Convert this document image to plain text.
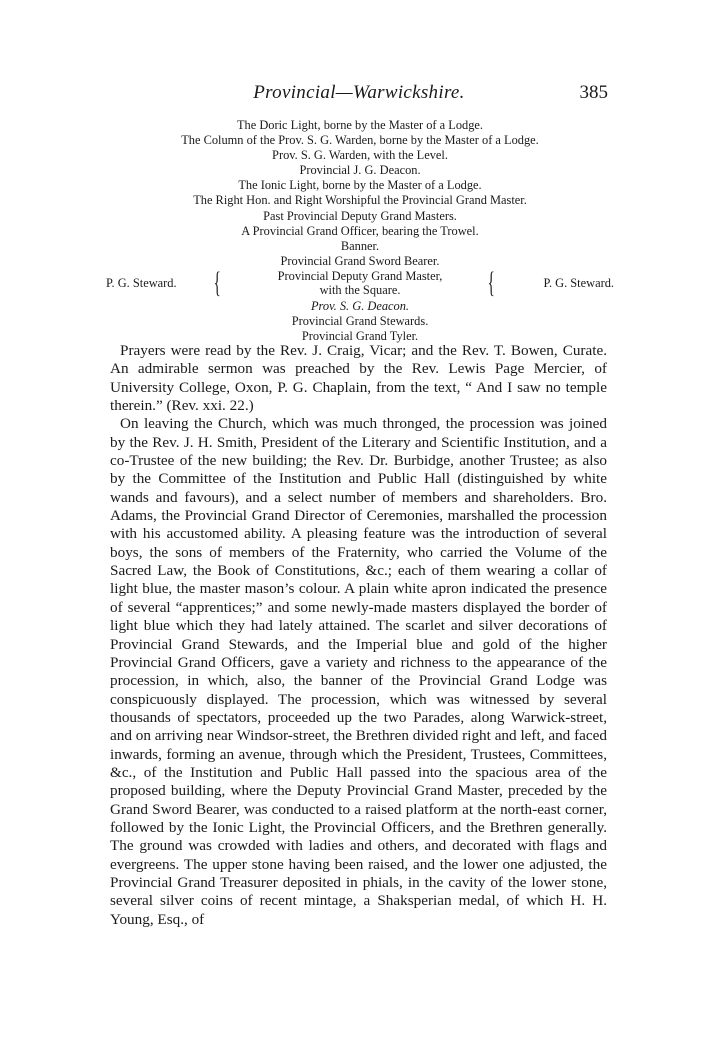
Provincial—Warwickshire.	385
The Doric Light, borne by the Master of a Lodge.
The Column of the Prov. S. G. Warden, borne by the Master of a Lodge.
Prov. S. G. Warden, with the Level.
Provincial J. G. Deacon.
The Ionic Light, borne by the Master of a Lodge.
The Right Hon. and Right Worshipful the Provincial Grand Master.
Past Provincial Deputy Grand Masters.
A Provincial Grand Officer, bearing the Trowel.
Banner.
Provincial Grand Sword Bearer.
P. G. Steward. {	Provincial Deputy Grand Master,
with the Square.	{	P. G. Steward.
Prov. S. G. Deacon.
Provincial Grand Stewards.
Provincial Grand Tyler.

Prayers were read by the Rev. J. Craig, Vicar; and the Rev. T. Bowen, Curate. An admirable sermon was preached by the Rev. Lewis Page Mercier, of University College, Oxon, P. G. Chaplain, from the text, “ And I saw no temple therein.” (Rev. xxi. 22.)

On leaving the Church, which was much thronged, the procession was joined by the Rev. J. H. Smith, President of the Literary and Scientific Institution, and a co-Trustee of the new building; the Rev. Dr. Burbidge, another Trustee; as also by the Committee of the Institution and Public Hall (distinguished by white wands and favours), and a select number of members and shareholders. Bro. Adams, the Provincial Grand Director of Ceremonies, marshalled the procession with his accustomed ability. A pleasing feature was the introduction of several boys, the sons of members of the Fraternity, who carried the Volume of the Sacred Law, the Book of Constitutions, &c.; each of them wearing a collar of light blue, the master mason’s colour. A plain white apron indicated the presence of several “apprentices;” and some newly-made masters displayed the border of light blue which they had lately attained. The scarlet and silver decorations of Provincial Grand Stewards, and the Imperial blue and gold of the higher Provincial Grand Officers, gave a variety and richness to the appearance of the procession, in which, also, the banner of the Provincial Grand Lodge was conspicuously displayed. The procession, which was witnessed by several thousands of spectators, proceeded up the two Parades, along Warwick-street, and on arriving near Windsor-street, the Brethren divided right and left, and faced inwards, forming an avenue, through which the President, Trustees, Committees, &c., of the Institution and Public Hall passed into the spacious area of the proposed building, where the Deputy Provincial Grand Master, preceded by the Grand Sword Bearer, was conducted to a raised platform at the north-east corner, followed by the Ionic Light, the Provincial Officers, and the Brethren generally. The ground was crowded with ladies and others, and decorated with flags and evergreens. The upper stone having been raised, and the lower one adjusted, the Provincial Grand Treasurer deposited in phials, in the cavity of the lower stone, several silver coins of recent mintage, a Shaksperian medal, of which H. H. Young, Esq., of
